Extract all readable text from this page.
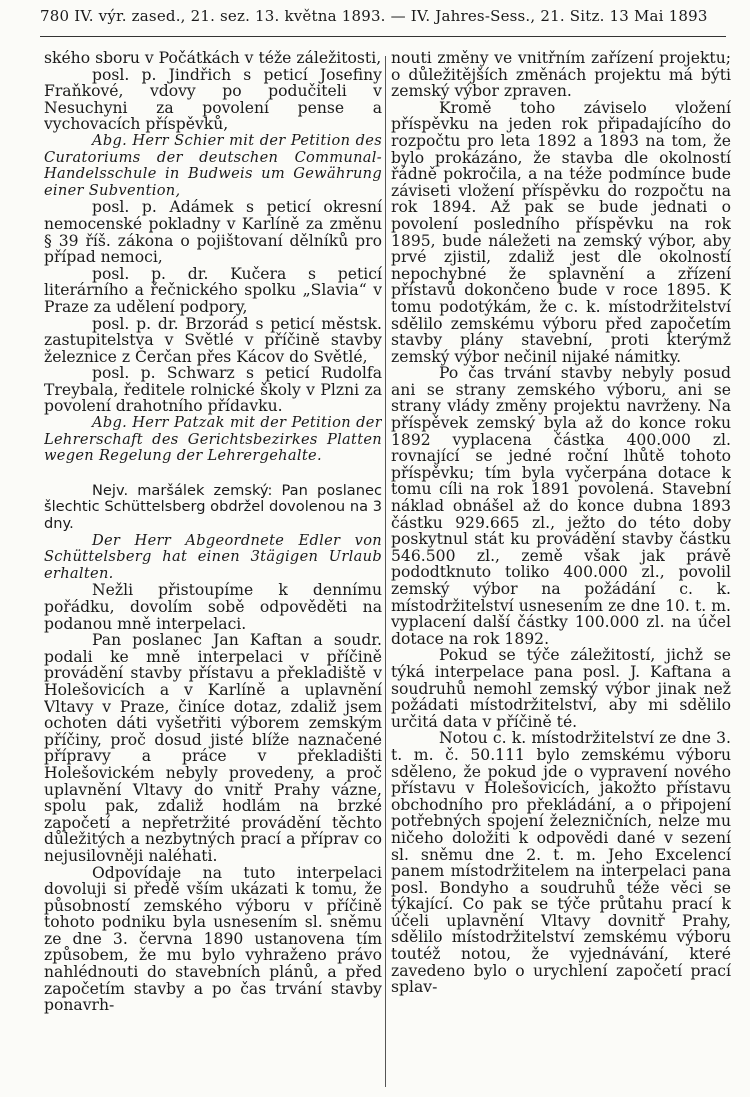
780 IV. výr. zased., 21. sez. 13. května 1893. — IV. Jahres-Sess., 21. Sitz. 13 Mai 1893

ského sboru v Počátkách v téže záležitosti,

posl. p. Jindřich s peticí Josefiny Fraňkové, vdovy po podučiteli v Nesuchyni za povolení pense a vychovacích příspěvků,

Abg. Herr Schier mit der Petition des Curatoriums der deutschen Communal-Handelsschule in Budweis um Gewährung einer Subvention,

posl. p. Adámek s peticí okresní nemocenské pokladny v Karlíně za změnu § 39 říš. zákona o pojištovaní dělníků pro případ nemoci,

posl. p. dr. Kučera s peticí literárního a řečnického spolku „Slavia“ v Praze za udělení podpory,

posl. p. dr. Brzorád s peticí městsk. zastupitelstva v Světlé v příčině stavby železnice z Čerčan přes Kácov do Světlé,

posl. p. Schwarz s peticí Rudolfa Treybala, ředitele rolnické školy v Plzni za povolení drahotního přídavku.

Abg. Herr Patzak mit der Petition der Lehrerschaft des Gerichtsbezirkes Platten wegen Regelung der Lehrergehalte.

Nejv. maršálek zemský: Pan poslanec šlechtic Schüttelsberg obdržel dovolenou na 3 dny.

Der Herr Abgeordnete Edler von Schüttelsberg hat einen 3tägigen Urlaub erhalten.

Nežli přistoupíme k dennímu pořádku, dovolím sobě odpověděti na podanou mně interpelaci.

Pan poslanec Jan Kaftan a soudr. podali ke mně interpelaci v příčině provádění stavby přístavu a překladiště v Holešovicích a v Karlíně a uplavnění Vltavy v Praze, činíce dotaz, zdaliž jsem ochoten dáti vyšetřiti výborem zemským příčiny, proč dosud jisté blíže naznačené přípravy a práce v překladišti Holešovickém nebyly provedeny, a proč uplavnění Vltavy do vnitř Prahy vázne, spolu pak, zdaliž hodlám na brzké započetí a nepřetržité provádění těchto důležitých a nezbytných prací a příprav co nejusilovněji naléhati.

Odpovídaje na tuto interpelaci dovoluji si předě vším ukázati k tomu, že působností zemského výboru v příčině tohoto podniku byla usnesením sl. sněmu ze dne 3. června 1890 ustanovena tím způsobem, že mu bylo vyhraženo právo nahlédnouti do stavebních plánů, a před započetím stavby a po čas trvání stavby ponavrh-

nouti změny ve vnitřním zařízení projektu; o důležitějších změnách projektu má býti zemský výbor zpraven.

Kromě toho záviselo vložení příspěvku na jeden rok připadajícího do rozpočtu pro leta 1892 a 1893 na tom, že bylo prokázáno, že stavba dle okolností řádně pokročila, a na téže podmínce bude záviseti vložení příspěvku do rozpočtu na rok 1894. Až pak se bude jednati o povolení posledního příspěvku na rok 1895, bude náležeti na zemský výbor, aby prvé zjistil, zdaliž jest dle okolností nepochybné že splavnění a zřízení přístavů dokončeno bude v roce 1895. K tomu podotýkám, že c. k. místodržitelství sdělilo zemskému výboru před započetím stavby plány stavební, proti kterýmž zemský výbor nečinil nijaké námitky.

Po čas trvání stavby nebyly posud ani se strany zemského výboru, ani se strany vlády změny projektu navrženy. Na příspěvek zemský byla až do konce roku 1892 vyplacena částka 400.000 zl. rovnající se jedné roční lhůtě tohoto příspěvku; tím byla vyčerpána dotace k tomu cíli na rok 1891 povolená. Stavební náklad obnášel až do konce dubna 1893 částku 929.665 zl., ježto do této doby poskytnul stát ku provádění stavby částku 546.500 zl., země však jak právě pododtknuto toliko 400.000 zl., povolil zemský výbor na požádání c. k. místodržitelství usnesením ze dne 10. t. m. vyplacení další částky 100.000 zl. na účel dotace na rok 1892.

Pokud se týče záležitostí, jichž se týká interpelace pana posl. J. Kaftana a soudruhů nemohl zemský výbor jinak než požádati místodržitelství, aby mi sdělilo určitá data v příčině té.

Notou c. k. místodržitelství ze dne 3. t. m. č. 50.111 bylo zemskému výboru sděleno, že pokud jde o vypravení nového přístavu v Holešovicích, jakožto přístavu obchodního pro překládání, a o připojení potřebných spojení železničních, nelze mu ničeho doložiti k odpovědi dané v sezení sl. sněmu dne 2. t. m. Jeho Excelencí panem místodržitelem na interpelaci pana posl. Bondyho a soudruhů téže věci se týkající. Co pak se týče průtahu prací k účeli uplavnění Vltavy dovnitř Prahy, sdělilo místodržitelství zemskému výboru toutéž notou, že vyjednávání, které zavedeno bylo o urychlení započetí prací splav-
